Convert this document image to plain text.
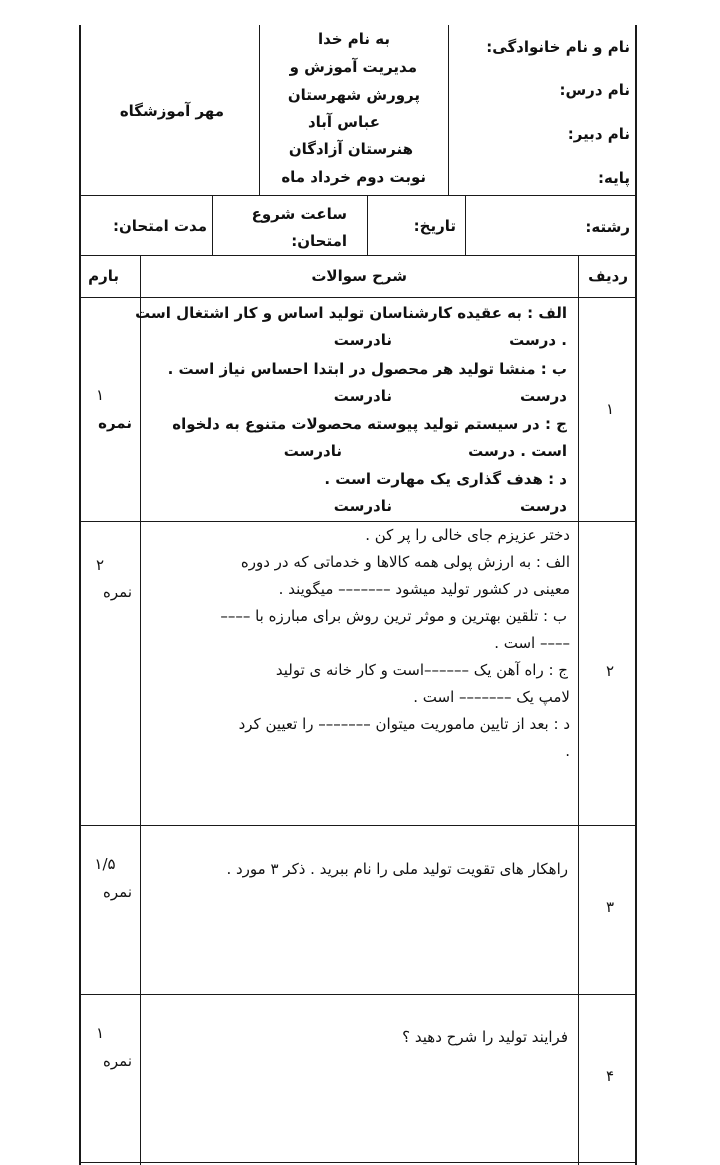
نام و نام خانوادگی:
نام درس:
نام دبیر:
پایه:
به نام خدا
مدیریت آموزش و
پرورش شهرستان
عباس آباد
هنرستان آزادگان
نوبت دوم خرداد ماه
مهر آموزشگاه
رشته:
تاریخ:
ساعت شروع
امتحان:
مدت امتحان:
ردیف
شرح سوالات
بارم
۱
۱
نمره
الف : به عقیده کارشناسان تولید اساس و کار اشتغال است
. درست
نادرست
ب : منشا تولید هر محصول در ابتدا احساس نیاز است .
درست
نادرست
ج : در سیستم تولید پیوسته محصولات متنوع به دلخواه
است . درست
نادرست
د : هدف گذاری یک مهارت است .
درست
نادرست
۲
۲
نمره
دختر عزیزم جای خالی را پر کن .
الف : به ارزش پولی همه کالاها و خدماتی که در دوره
معینی در کشور تولید میشود ––––––– میگویند .
ب : تلقین بهترین و موثر ترین روش برای مبارزه با ––––
–––– است .
ج : راه آهن یک ––––––است و کار خانه ی تولید
لامپ یک ––––––– است .
د : بعد از تایین ماموریت میتوان ––––––– را تعیین کرد
.
۳
۱/۵
نمره
راهکار های تقویت تولید ملی را نام ببرید . ذکر ۳ مورد .
۴
۱
نمره
فرایند تولید را شرح دهید ؟
